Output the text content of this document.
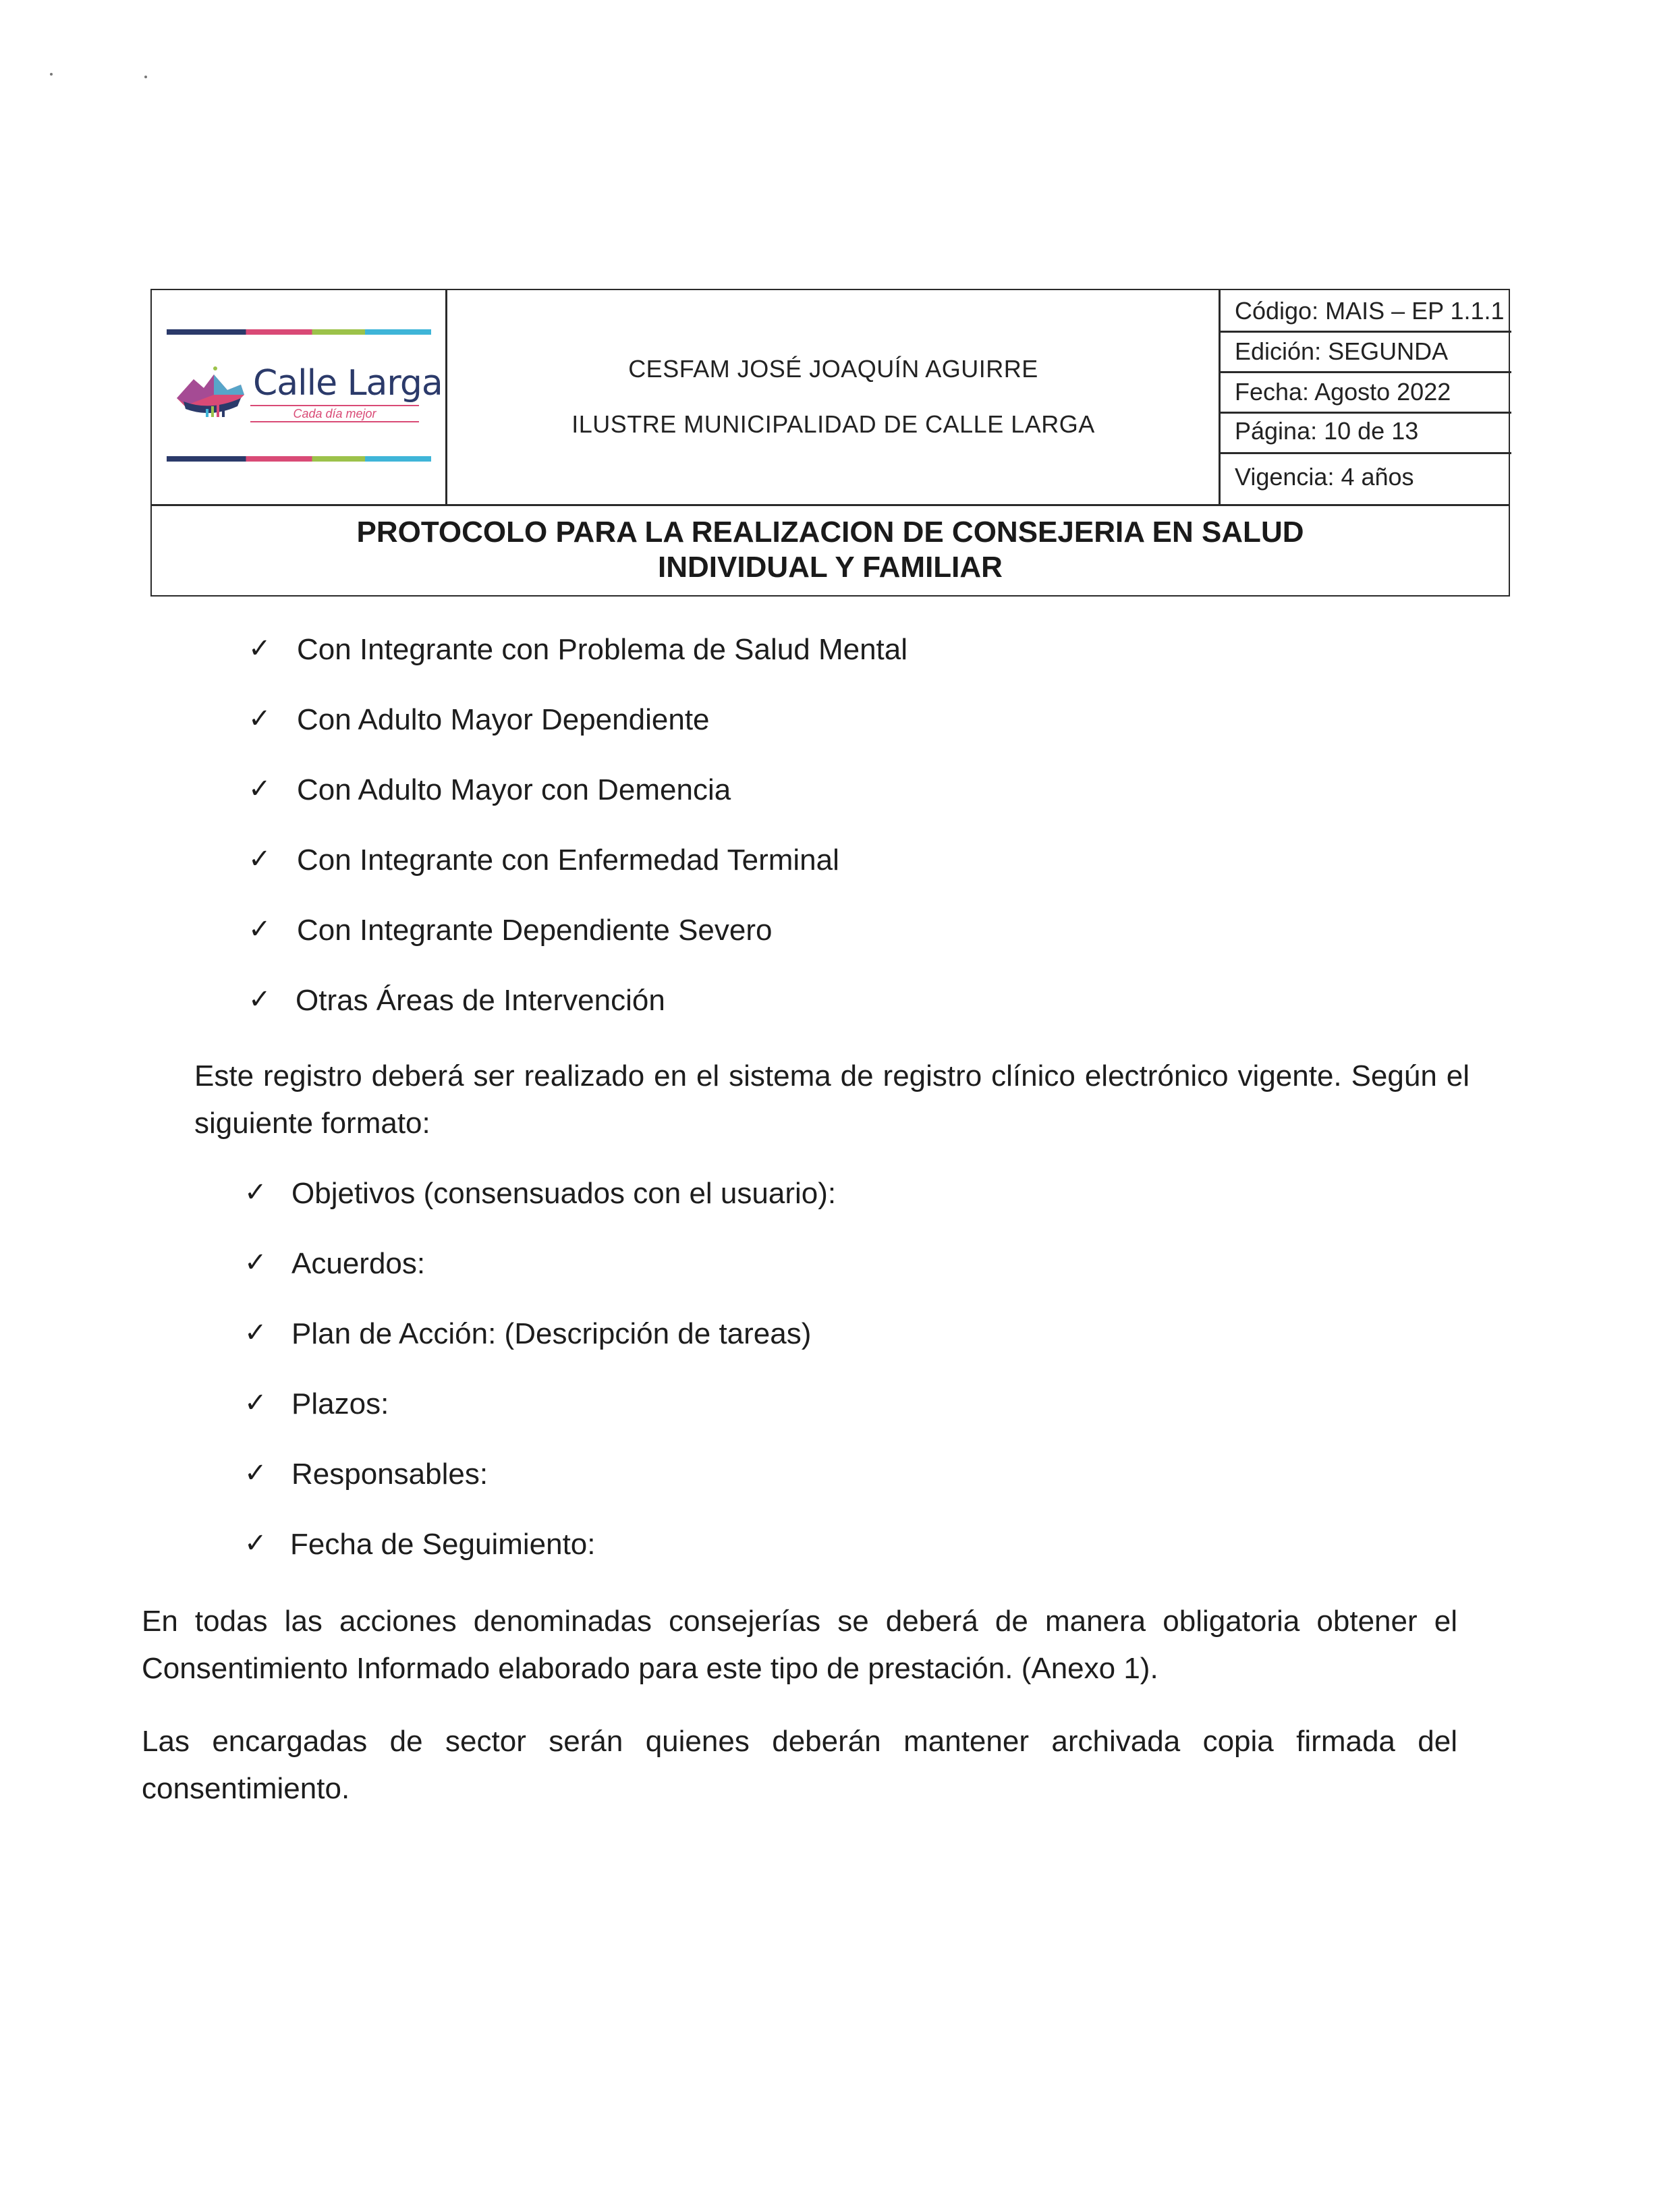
Calle Larga
Cada día mejor
CESFAM JOSÉ JOAQUÍN AGUIRRE
ILUSTRE MUNICIPALIDAD DE CALLE LARGA
Código: MAIS – EP 1.1.1
Edición: SEGUNDA
Fecha: Agosto 2022
Página: 10 de 13
Vigencia: 4 años
PROTOCOLO PARA LA REALIZACION DE CONSEJERIA EN SALUD
INDIVIDUAL Y FAMILIAR
✓ Con Integrante con Problema de Salud Mental
✓ Con Adulto Mayor Dependiente
✓ Con Adulto Mayor con Demencia
✓ Con Integrante con Enfermedad Terminal
✓ Con Integrante Dependiente Severo
✓ Otras Áreas de Intervención
Este registro deberá ser realizado en el sistema de registro clínico electrónico vigente. Según el siguiente formato:
✓ Objetivos (consensuados con el usuario):
✓ Acuerdos:
✓ Plan de Acción: (Descripción de tareas)
✓ Plazos:
✓ Responsables:
✓ Fecha de Seguimiento:
En todas las acciones denominadas consejerías se deberá de manera obligatoria obtener el Consentimiento Informado elaborado para este tipo de prestación. (Anexo 1).
Las encargadas de sector serán quienes deberán mantener archivada copia firmada del consentimiento.
